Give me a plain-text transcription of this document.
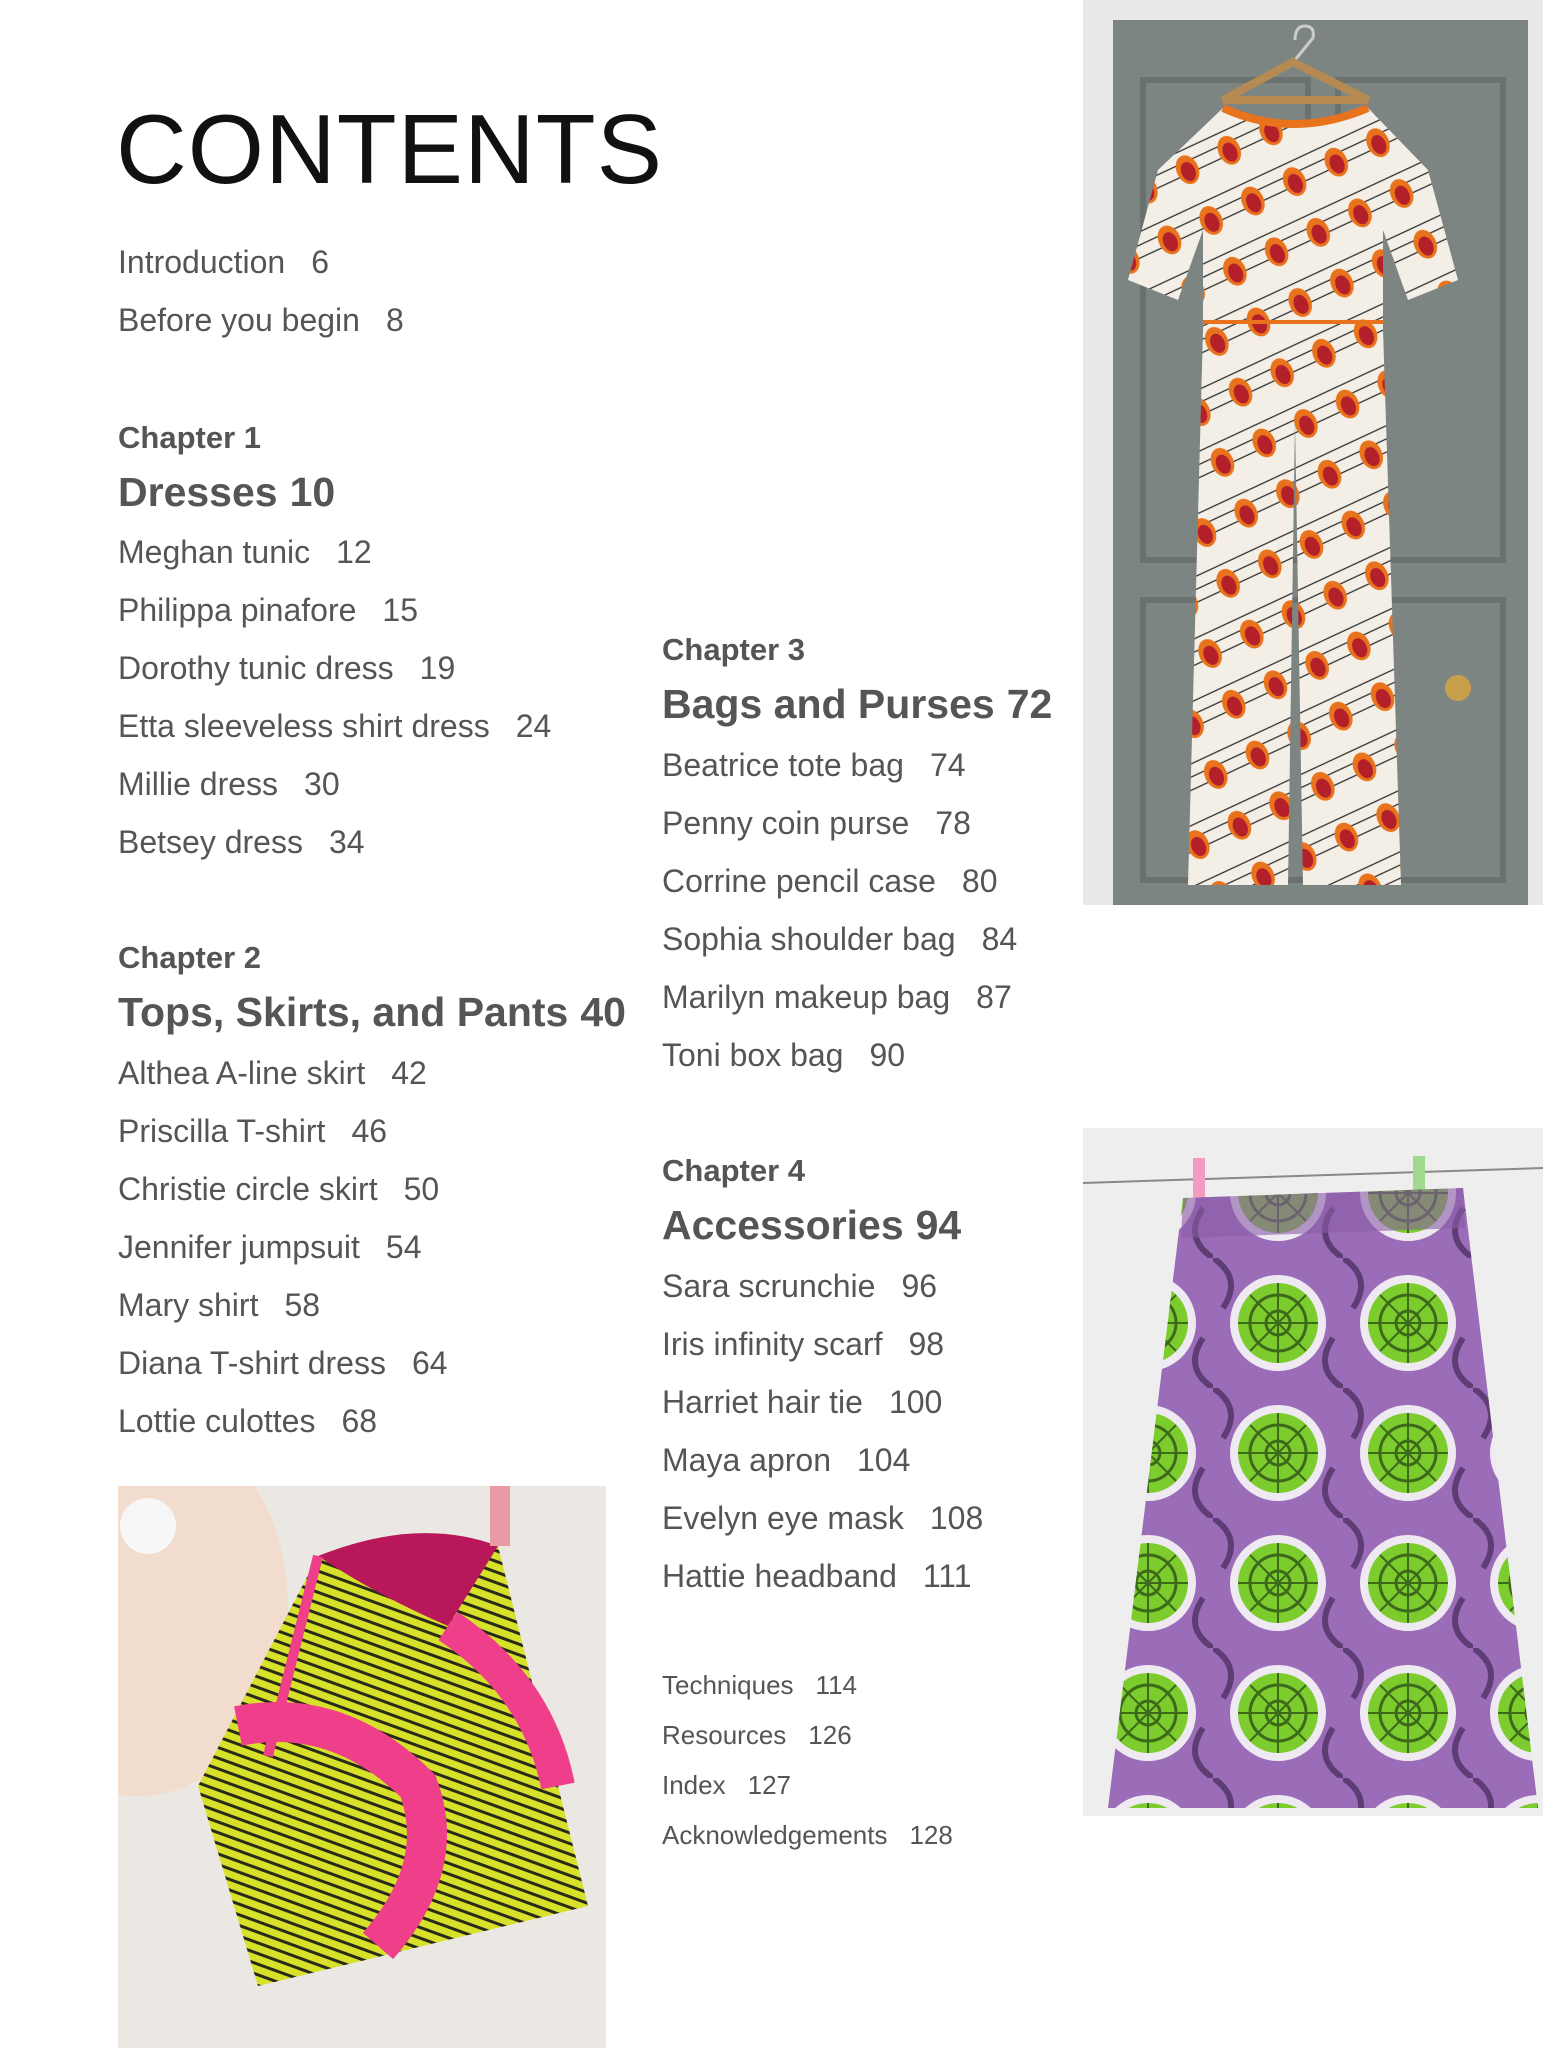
CONTENTS
Introduction 6
Before you begin 8
Chapter 1
Dresses 10
Meghan tunic 12
Philippa pinafore 15
Dorothy tunic dress 19
Etta sleeveless shirt dress 24
Millie dress 30
Betsey dress 34
Chapter 2
Tops, Skirts, and Pants 40
Althea A-line skirt 42
Priscilla T-shirt 46
Christie circle skirt 50
Jennifer jumpsuit 54
Mary shirt 58
Diana T-shirt dress 64
Lottie culottes 68
Chapter 3
Bags and Purses 72
Beatrice tote bag 74
Penny coin purse 78
Corrine pencil case 80
Sophia shoulder bag 84
Marilyn makeup bag 87
Toni box bag 90
Chapter 4
Accessories 94
Sara scrunchie 96
Iris infinity scarf 98
Harriet hair tie 100
Maya apron 104
Evelyn eye mask 108
Hattie headband 111
Techniques 114
Resources 126
Index 127
Acknowledgements 128
